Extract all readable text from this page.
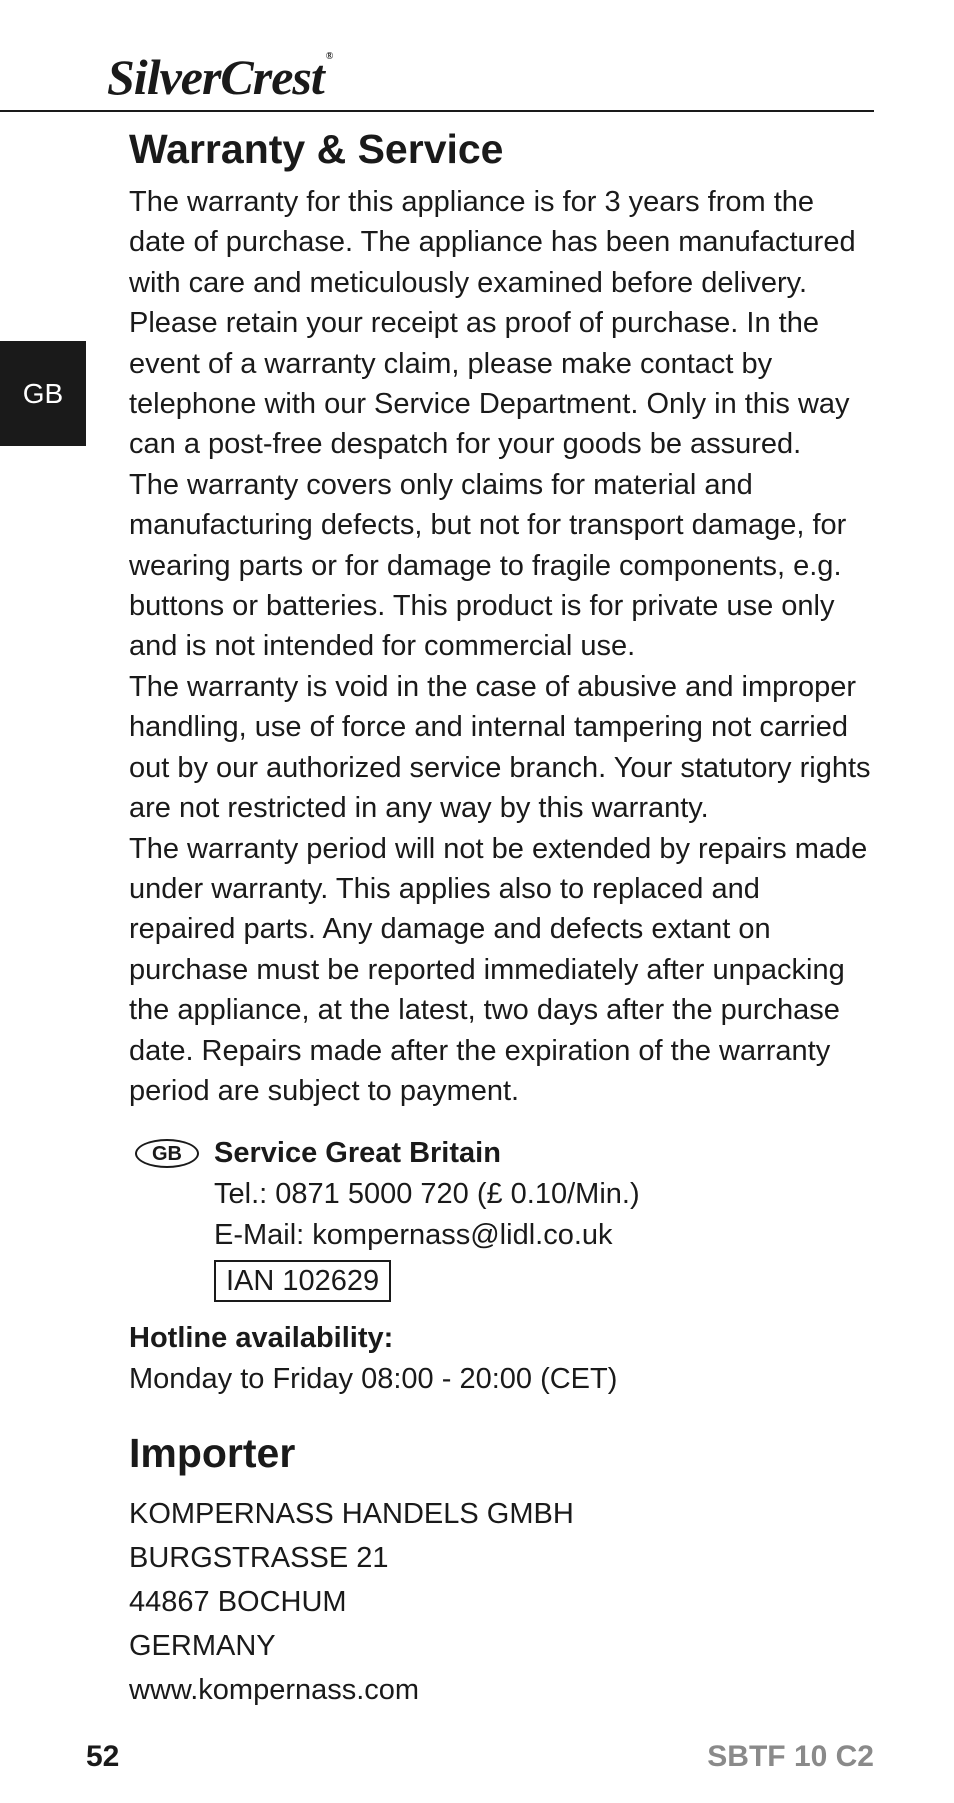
SilverCrest ®
GB
Warranty & Service

The warranty for this appliance is for 3 years from the date of purchase. The appliance has been manufactured with care and meticulously examined before delivery. Please retain your receipt as proof of purchase. In the event of a warranty claim, please make contact by telephone with our Service Department. Only in this way can a post-free despatch for your goods be assured.

The warranty covers only claims for material and manufacturing defects, but not for transport damage, for wearing parts or for damage to fragile components, e.g. buttons or batteries. This product is for private use only and is not intended for commercial use.

The warranty is void in the case of abusive and improper handling, use of force and internal tampering not carried out by our authorized service branch. Your statutory rights are not restricted in any way by this warranty.

The warranty period will not be extended by repairs made under warranty. This applies also to replaced and repaired parts. Any damage and defects extant on purchase must be reported immediately after unpacking the appliance, at the latest, two days after the purchase date. Repairs made after the expiration of the warranty period are subject to payment.

GB	Service Great Britain
Tel.: 0871 5000 720 (£ 0.10/Min.)
E-Mail: kompernass@lidl.co.uk
IAN 102629
Hotline availability:
Monday to Friday 08:00 - 20:00 (CET)
Importer
KOMPERNASS HANDELS GMBH
BURGSTRASSE 21
44867 BOCHUM
GERMANY
www.kompernass.com
52	SBTF 10 C2
